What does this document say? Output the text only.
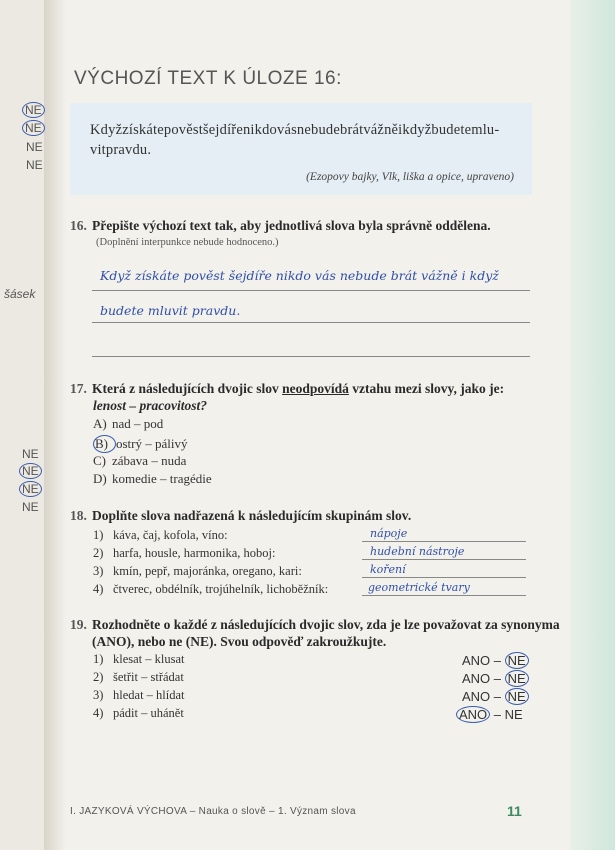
NE
NE
NE
NE
šásek
NE
NE
NE
NE
VÝCHOZÍ TEXT K ÚLOZE 16:
Kdyžzískátepověstšejdířenikdovásnebudebrátvážněikdyžbudetemlu-
vitpravdu.
(Ezopovy bajky, Vlk, liška a opice, upraveno)
16. Přepište výchozí text tak, aby jednotlivá slova byla správně oddělena.
(Doplnění interpunkce nebude hodnoceno.)
Když získáte pověst šejdíře nikdo vás nebude brát vážně i když
budete mluvit pravdu.
17. Která z následujících dvojic slov neodpovídá vztahu mezi slovy, jako je:
lenost – pracovitost?
A) nad – pod
B) ostrý – pálivý
C) zábava – nuda
D) komedie – tragédie
18. Doplňte slova nadřazená k následujícím skupinám slov.
1) káva, čaj, kofola, víno:	nápoje
2) harfa, housle, harmonika, hoboj:	hudební nástroje
3) kmín, pepř, majoránka, oregano, kari:	koření
4) čtverec, obdélník, trojúhelník, lichoběžník:	geometrické tvary
19. Rozhodněte o každé z následujících dvojic slov, zda je lze považovat za synonyma
(ANO), nebo ne (NE). Svou odpověď zakroužkujte.
1) klesat – klusat	ANO – NE
2) šetřit – střádat	ANO – NE
3) hledat – hlídat	ANO – NE
4) pádit – uhánět	ANO – NE
I. JAZYKOVÁ VÝCHOVA – Nauka o slově – 1. Význam slova	11
